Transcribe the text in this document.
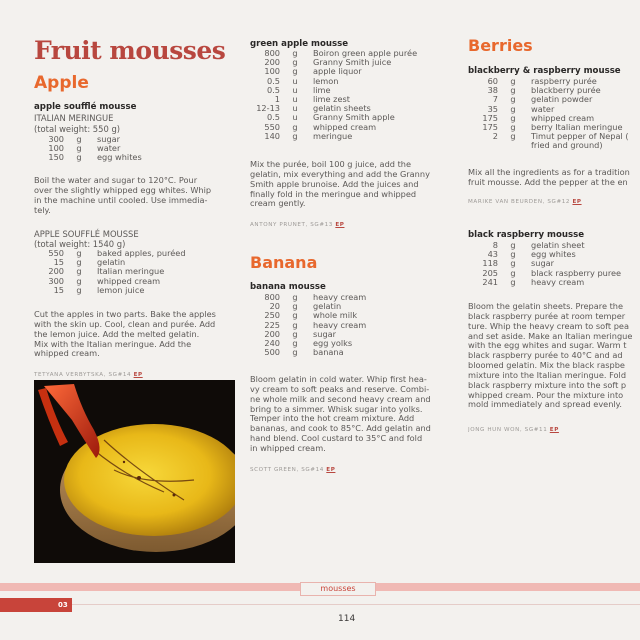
Fruit mousses
Apple
apple soufflé mousse
ITALIAN MERINGUE
(total weight: 550 g)
300	g	sugar
100	g	water
150	g	egg whites
Boil the water and sugar to 120°C. Pour
over the slightly whipped egg whites. Whip
in the machine until cooled. Use immedia-
tely.
APPLE SOUFFLÉ MOUSSE
(total weight: 1540 g)
550	g	baked apples, puréed
15	g	gelatin
200	g	Italian meringue
300	g	whipped cream
15	g	lemon juice
Cut the apples in two parts. Bake the apples
with the skin up. Cool, clean and purée. Add
the lemon juice. Add the melted gelatin.
Mix with the Italian meringue. Add the
whipped cream.
TETYANA VERBYTSKA, SG#14 EP
green apple mousse
800	g	Boiron green apple purée
200	g	Granny Smith juice
100	g	apple liquor
0.5	u	lemon
0.5	u	lime
1	u	lime zest
12-13	u	gelatin sheets
0.5	u	Granny Smith apple
550	g	whipped cream
140	g	meringue
Mix the purée, boil 100 g juice, add the
gelatin, mix everything and add the Granny
Smith apple brunoise. Add the juices and
finally fold in the meringue and whipped
cream gently.
ANTONY PRUNET, SG#13 EP
Banana
banana mousse
800	g	heavy cream
20	g	gelatin
250	g	whole milk
225	g	heavy cream
200	g	sugar
240	g	egg yolks
500	g	banana
Bloom gelatin in cold water. Whip first hea-
vy cream to soft peaks and reserve. Combi-
ne whole milk and second heavy cream and
bring to a simmer. Whisk sugar into yolks.
Temper into the hot cream mixture. Add
bananas, and cook to 85°C. Add gelatin and
hand blend. Cool custard to 35°C and fold
in whipped cream.
SCOTT GREEN, SG#14 EP
Berries
blackberry & raspberry mousse
60	g	raspberry purée
38	g	blackberry purée
7	g	gelatin powder
35	g	water
175	g	whipped cream
175	g	berry Italian meringue
2	g	Timut pepper of Nepal (
		fried and ground)
Mix all the ingredients as for a tradition
fruit mousse. Add the pepper at the en
MARIKE VAN BEURDEN, SG#12 EP
black raspberry mousse
8	g	gelatin sheet
43	g	egg whites
118	g	sugar
205	g	black raspberry puree
241	g	heavy cream
Bloom the gelatin sheets. Prepare the
black raspberry purée at room temper
ture. Whip the heavy cream to soft pea
and set aside. Make an Italian meringue
with the egg whites and sugar. Warm t
black raspberry purée to 40°C and ad
bloomed gelatin. Mix the black raspbe
mixture into the Italian meringue. Fold
black raspberry mixture into the soft p
whipped cream. Pour the mixture into
mold immediately and spread evenly.
JONG HUN WON, SG#11 EP
mousses
03
114
